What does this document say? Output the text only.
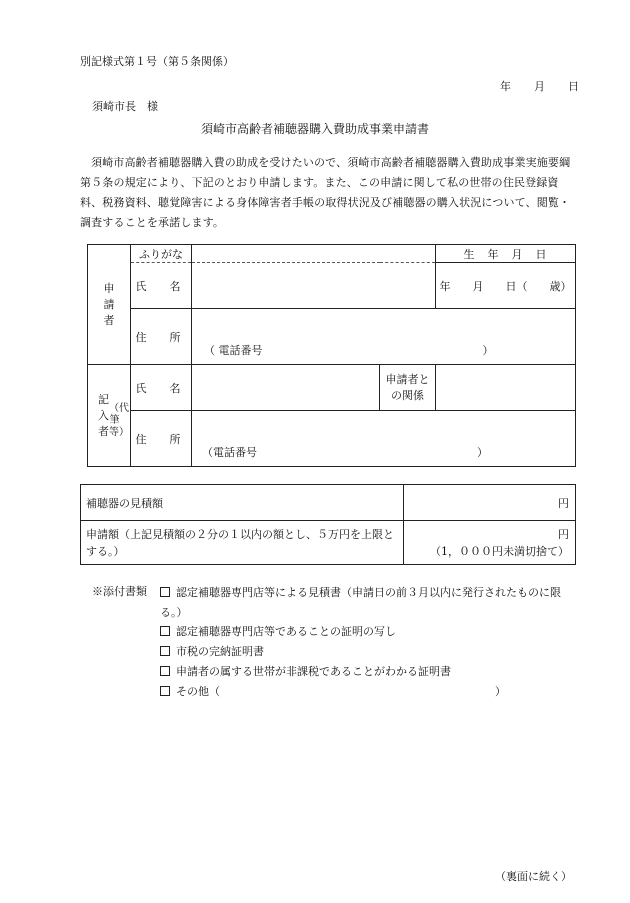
別記様式第１号（第５条関係）
年 月 日
須崎市長　様
須崎市高齢者補聴器購入費助成事業申請書
須崎市高齢者補聴器購入費の助成を受けたいので、須崎市高齢者補聴器購入費助成事業実施要綱第５条の規定により、下記のとおり申請します。また、この申請に関して私の世帯の住民登録資料、税務資料、聴覚障害による身体障害者手帳の取得状況及び補聴器の購入状況について、閲覧・調査することを承諾します。
申請者	ふりがな			生　年　月　日
	氏　名			年　　月　　日（　　歳）
	住　所	（ 電話番号　　　　　　　　　　　　　　　　　　　　）		
記入者（代筆等）	氏　名		申請者との関係	
	住　所	（電話番号　　　　　　　　　　　　　　　　　　　　）		
補聴器の見積額	円
申請額（上記見積額の２分の１以内の額とし、５万円を上限とする。）	円
（1，０００円未満切捨て）
※添付書類	認定補聴器専門店等による見積書（申請日の前３月以内に発行されたものに限る。）
認定補聴器専門店等であることの証明の写し
市税の完納証明書
申請者の属する世帯が非課税であることがわかる証明書
その他（　　　　　　　　　　　　　　　　　　　　　　　　　）
（裏面に続く）
